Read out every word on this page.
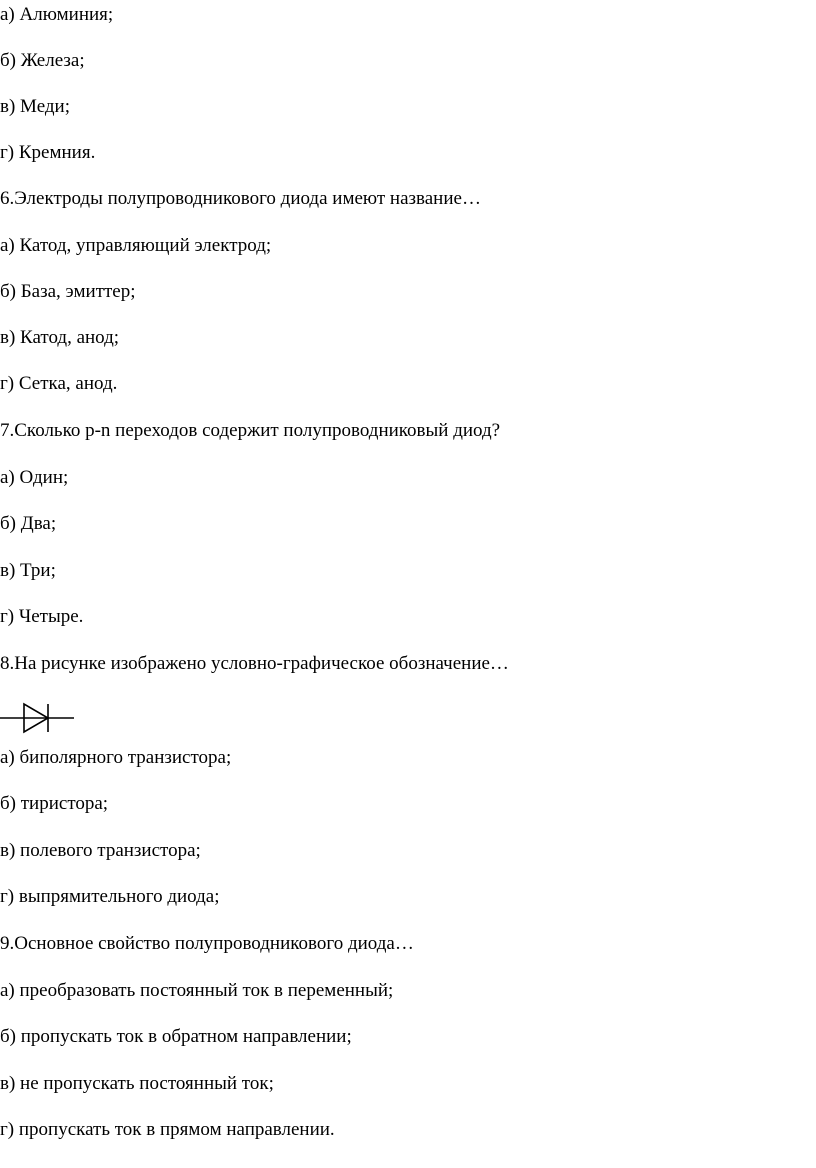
а) Алюминия;
б) Железа;
в) Меди;
г) Кремния.
6.Электроды полупроводникового диода имеют название…
а) Катод, управляющий электрод;
б) База, эмиттер;
в) Катод, анод;
г) Сетка, анод.
7.Сколько p-n переходов содержит полупроводниковый диод?
а) Один;
б) Два;
в) Три;
г) Четыре.
8.На рисунке изображено условно-графическое обозначение…
а) биполярного транзистора;
б) тиристора;
в) полевого транзистора;
г) выпрямительного диода;
9.Основное свойство полупроводникового диода…
а) преобразовать постоянный ток в переменный;
б) пропускать ток в обратном направлении;
в) не пропускать постоянный ток;
г) пропускать ток в прямом направлении.
